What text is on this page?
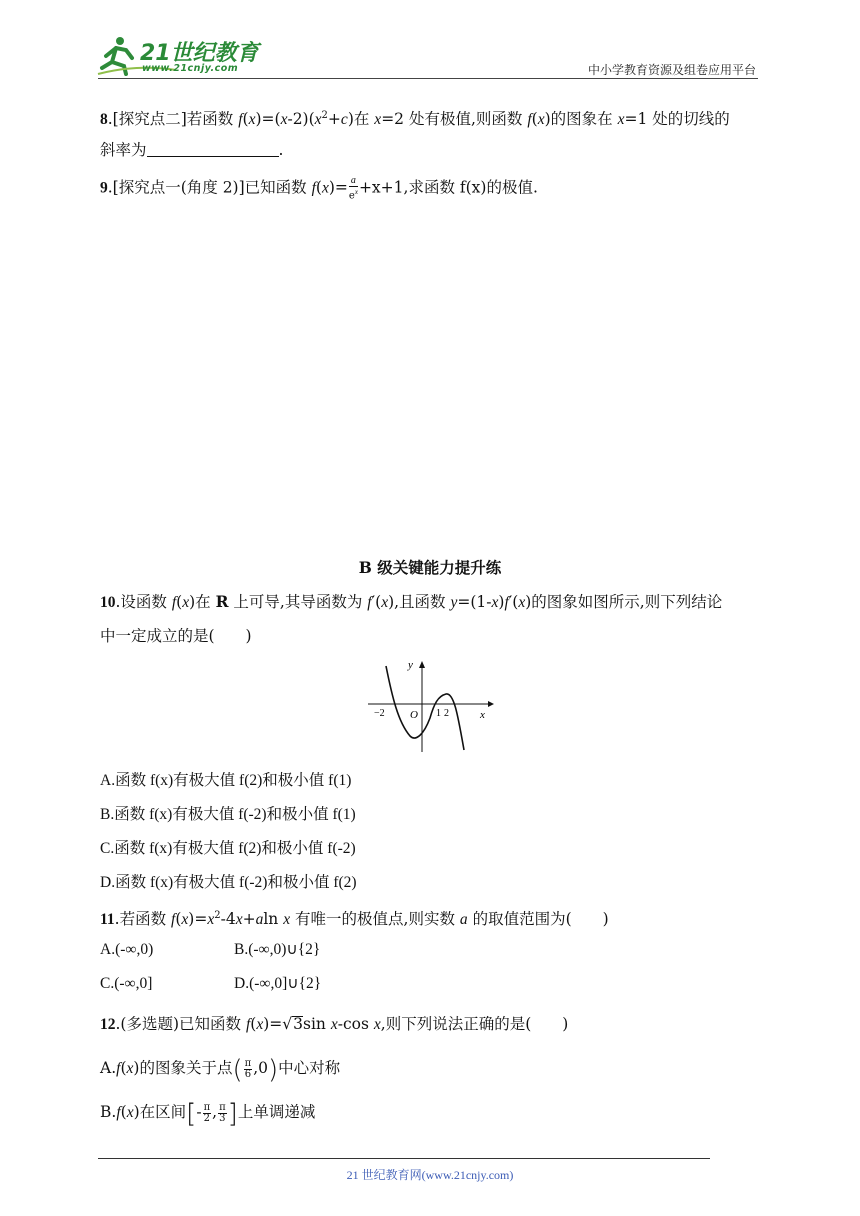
21世纪教育
www.21cnjy.com	中小学教育资源及组卷应用平台
8.[探究点二]若函数 $f(x)=(x-2)(x^2+c)$在 x=2 处有极值,则函数 f(x)的图象在 x=1 处的切线的
斜率为	.
9.[探究点一(角度 2)]已知函数 $f(x)= \frac{a}{e^x} +x+1$,求函数 f(x)的极值.
B 级关键能力提升练
10.设函数 f(x)在 R 上可导,其导函数为 f′(x),且函数 y=(1-x)f′(x)的图象如图所示,则下列结论
中一定成立的是(　　)
y
x
O
−2	1 2
A.函数 f(x)有极大值 f(2)和极小值 f(1)
B.函数 f(x)有极大值 f(-2)和极小值 f(1)
C.函数 f(x)有极大值 f(2)和极小值 f(-2)
D.函数 f(x)有极大值 f(-2)和极小值 f(2)
11.若函数 $f(x)=x^2-4x+aln$ x 有唯一的极值点,则实数 a 的取值范围为(　　)
A.(-∞,0)	B.(-∞,0)∪{2}
C.(-∞,0]	D.(-∞,0]∪{2}
12.(多选题)已知函数 f(x)=√3sin x-cos x,则下列说法正确的是(　　)
A.f(x)的图象关于点( $\frac{\pi}{6} ,0$)中心对称
B.f(x)在区间[- $\frac{\pi}{2}$ , $\frac{\pi}{3}$ ]上单调递减
21 世纪教育网(www.21cnjy.com)
